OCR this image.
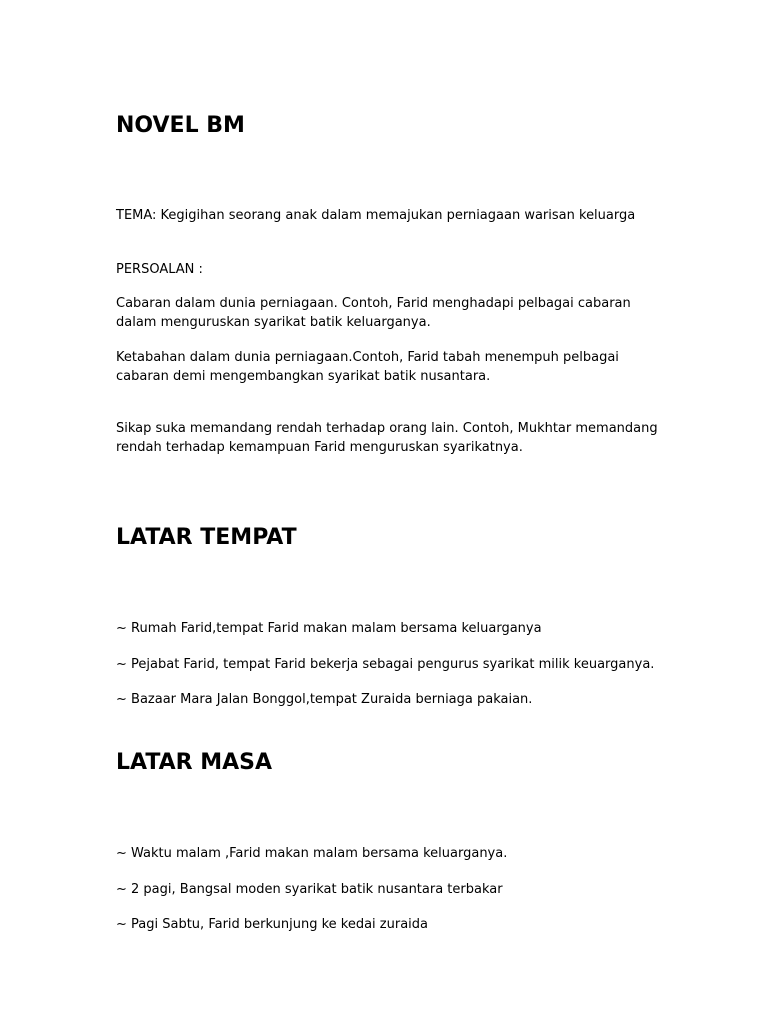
NOVEL BM

TEMA: Kegigihan seorang anak dalam memajukan perniagaan warisan keluarga

PERSOALAN :

Cabaran dalam dunia perniagaan. Contoh, Farid menghadapi pelbagai cabaran
dalam menguruskan syarikat batik keluarganya.

Ketabahan dalam dunia perniagaan.Contoh, Farid tabah menempuh pelbagai
cabaran demi mengembangkan syarikat batik nusantara.

Sikap suka memandang rendah terhadap orang lain. Contoh, Mukhtar memandang
rendah terhadap kemampuan Farid menguruskan syarikatnya.

LATAR TEMPAT

~ Rumah Farid,tempat Farid makan malam bersama keluarganya

~ Pejabat Farid, tempat Farid bekerja sebagai pengurus syarikat milik keuarganya.

~ Bazaar Mara Jalan Bonggol,tempat Zuraida berniaga pakaian.

LATAR MASA

~ Waktu malam ,Farid makan malam bersama keluarganya.

~ 2 pagi, Bangsal moden syarikat batik nusantara terbakar

~ Pagi Sabtu, Farid berkunjung ke kedai zuraida
